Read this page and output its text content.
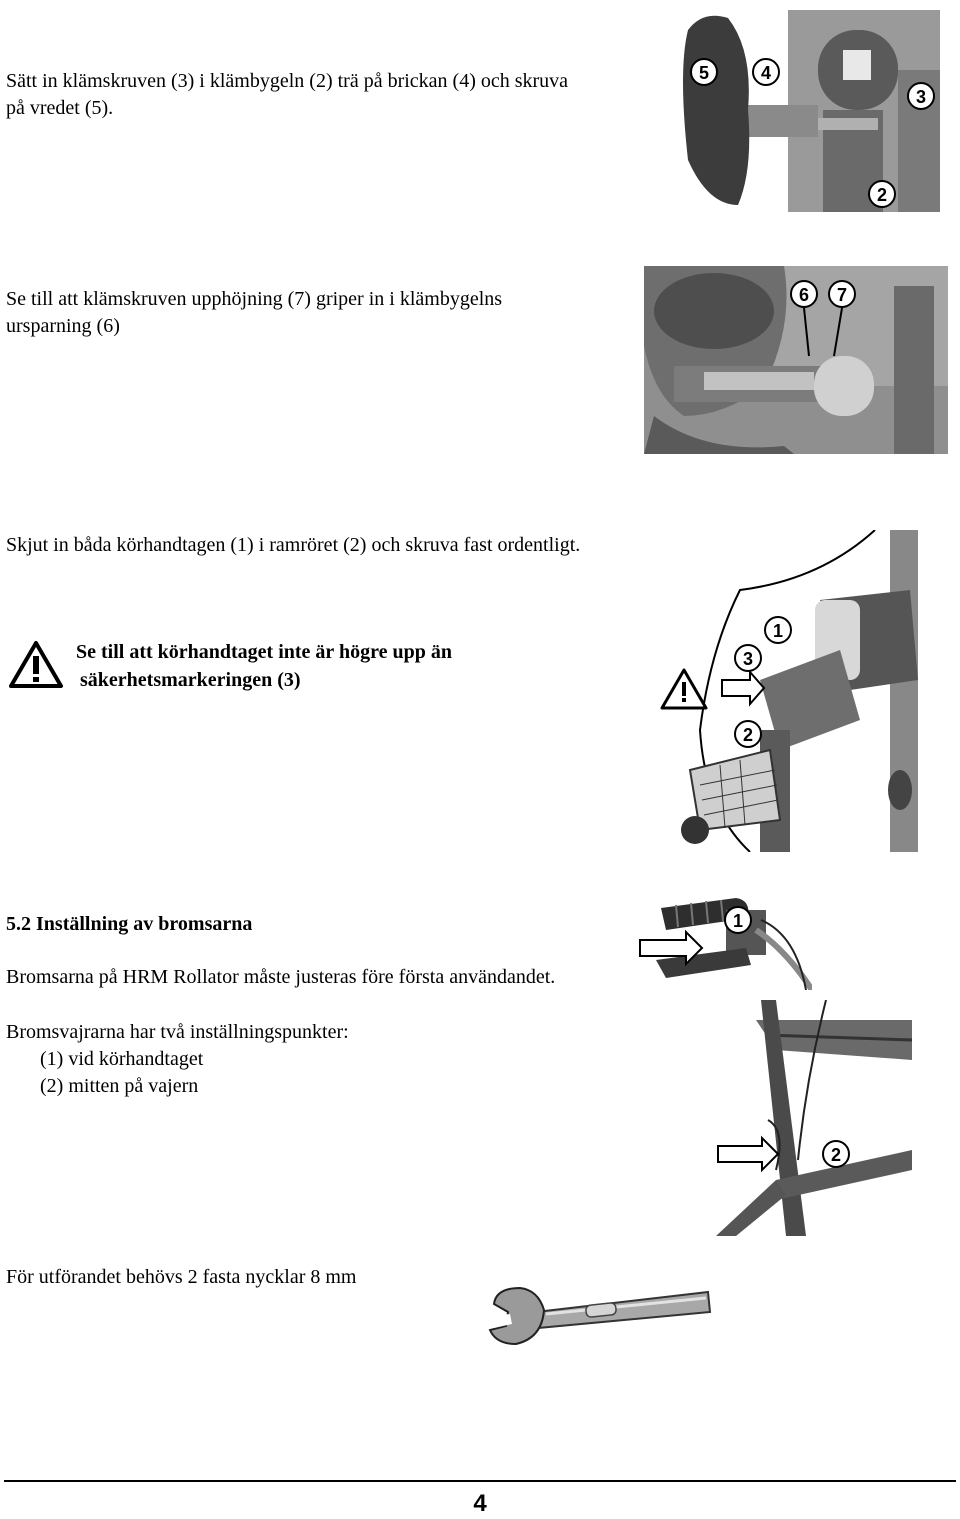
Sätt in klämskruven (3) i klämbygeln (2) trä på brickan (4) och skruva på vredet (5).

5	4
3
2

Se till att klämskruven upphöjning (7) griper in i klämbygelns ursparning (6)

6 7

Skjut in båda körhandtagen (1) i ramröret (2) och skruva fast ordentligt.

Se till att körhandtaget inte är högre upp än

säkerhetsmarkeringen (3)

1
3
2

5.2 Inställning av bromsarna

Bromsarna på HRM Rollator måste justeras före första användandet.

Bromsvajrarna har två inställningspunkter:

(1) vid körhandtaget
(2) mitten på vajern
1
2

För utförandet behövs 2 fasta nycklar 8 mm

4
